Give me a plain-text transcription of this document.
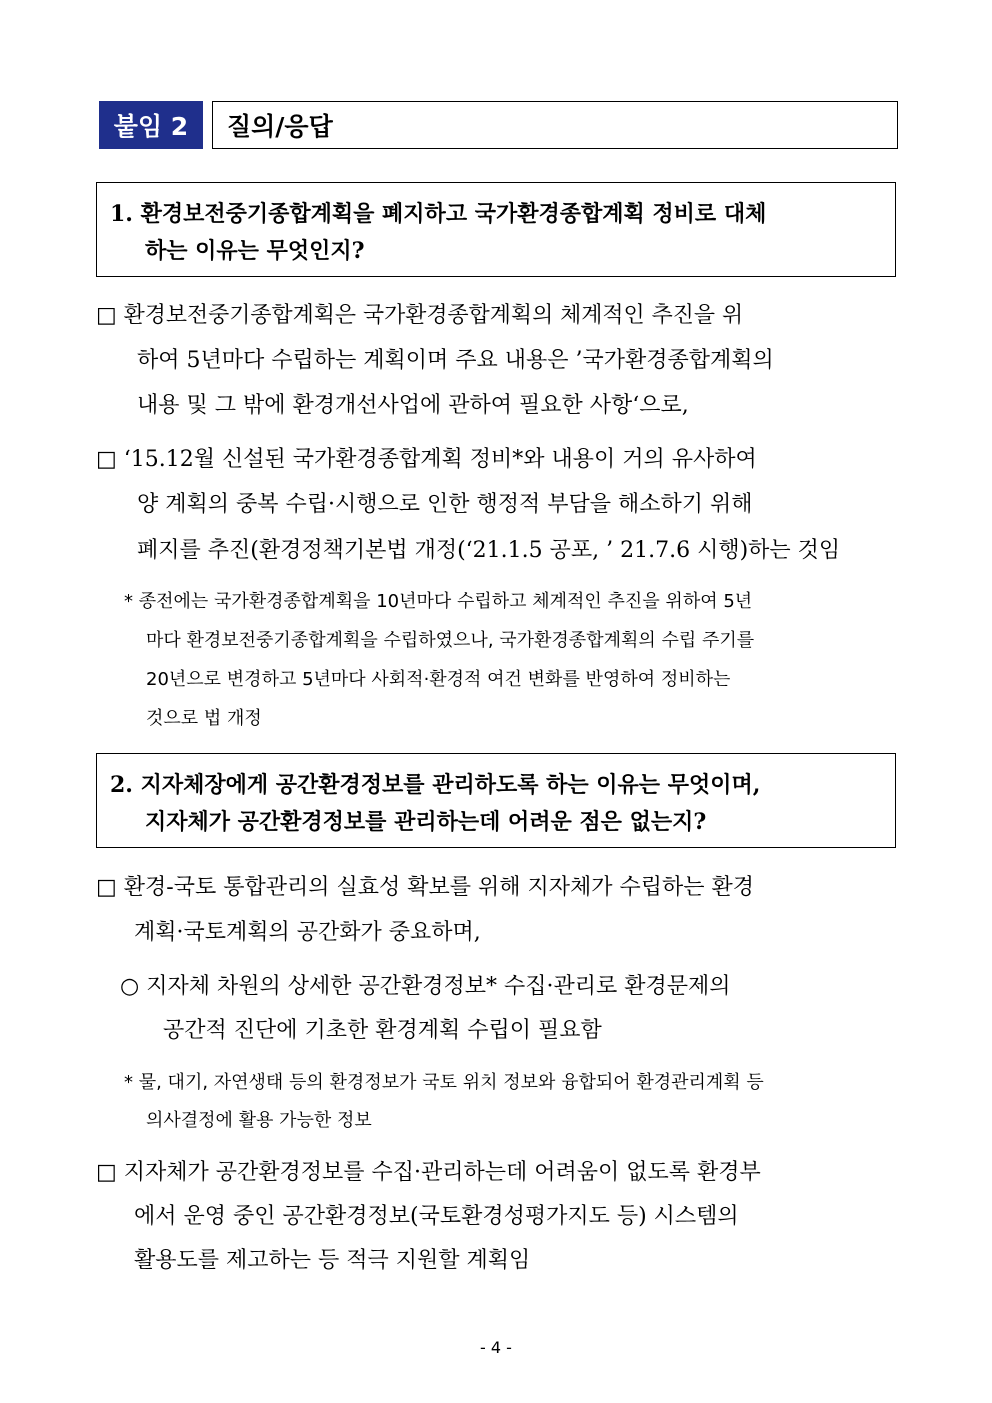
붙임 2 질의/응답
1. 환경보전중기종합계획을 폐지하고 국가환경종합계획 정비로 대체
하는 이유는 무엇인지?
□ 환경보전중기종합계획은 국가환경종합계획의 체계적인 추진을 위
하여 5년마다 수립하는 계획이며 주요 내용은 ’국가환경종합계획의
내용 및 그 밖에 환경개선사업에 관하여 필요한 사항‘으로,
□ ‘15.12월 신설된 국가환경종합계획 정비*와 내용이 거의 유사하여
양 계획의 중복 수립·시행으로 인한 행정적 부담을 해소하기 위해
폐지를 추진(환경정책기본법 개정(‘21.1.5 공포, ’ 21.7.6 시행)하는 것임
* 종전에는 국가환경종합계획을 10년마다 수립하고 체계적인 추진을 위하여 5년
마다 환경보전중기종합계획을 수립하였으나, 국가환경종합계획의 수립 주기를
20년으로 변경하고 5년마다 사회적·환경적 여건 변화를 반영하여 정비하는
것으로 법 개정
2. 지자체장에게 공간환경정보를 관리하도록 하는 이유는 무엇이며,
지자체가 공간환경정보를 관리하는데 어려운 점은 없는지?
□ 환경-국토 통합관리의 실효성 확보를 위해 지자체가 수립하는 환경
계획·국토계획의 공간화가 중요하며,
○ 지자체 차원의 상세한 공간환경정보* 수집·관리로 환경문제의
공간적 진단에 기초한 환경계획 수립이 필요함
* 물, 대기, 자연생태 등의 환경정보가 국토 위치 정보와 융합되어 환경관리계획 등
의사결정에 활용 가능한 정보
□ 지자체가 공간환경정보를 수집·관리하는데 어려움이 없도록 환경부
에서 운영 중인 공간환경정보(국토환경성평가지도 등) 시스템의
활용도를 제고하는 등 적극 지원할 계획임
- 4 -
